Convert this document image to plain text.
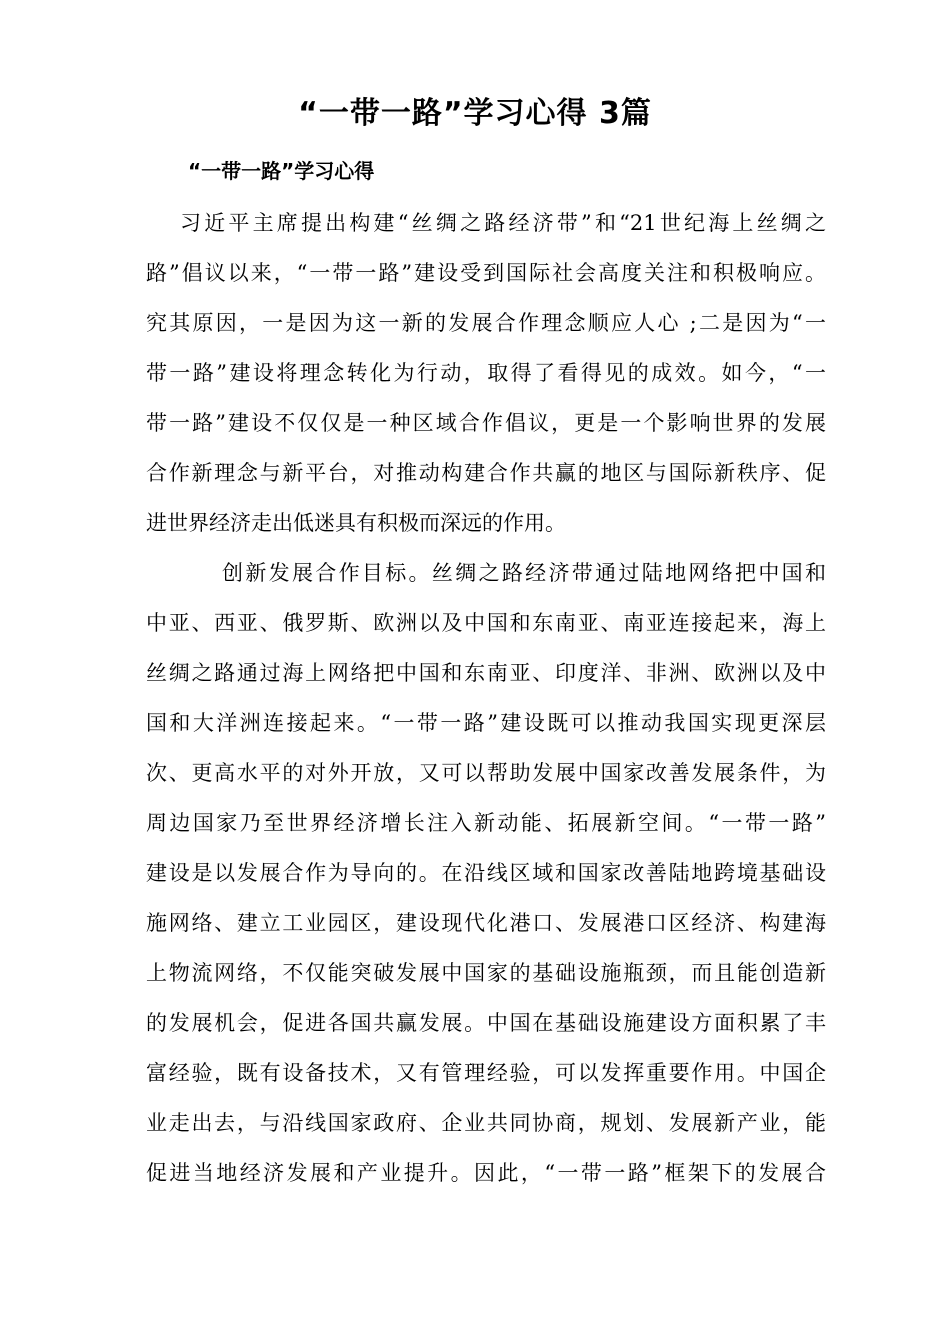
“一带一路”学习心得 3篇
“一带一路”学习心得
习近平主席提出构建“丝绸之路经济带”和“21世纪海上丝绸之
路”倡议以来，“一带一路”建设受到国际社会高度关注和积极响应。
究其原因，一是因为这一新的发展合作理念顺应人心 ;二是因为“一
带一路”建设将理念转化为行动，取得了看得见的成效。如今，“一
带一路”建设不仅仅是一种区域合作倡议，更是一个影响世界的发展
合作新理念与新平台，对推动构建合作共赢的地区与国际新秩序、促
进世界经济走出低迷具有积极而深远的作用。
创新发展合作目标。丝绸之路经济带通过陆地网络把中国和
中亚、西亚、俄罗斯、欧洲以及中国和东南亚、南亚连接起来，海上
丝绸之路通过海上网络把中国和东南亚、印度洋、非洲、欧洲以及中
国和大洋洲连接起来。“一带一路”建设既可以推动我国实现更深层
次、更高水平的对外开放，又可以帮助发展中国家改善发展条件，为
周边国家乃至世界经济增长注入新动能、拓展新空间。“一带一路”
建设是以发展合作为导向的。在沿线区域和国家改善陆地跨境基础设
施网络、建立工业园区，建设现代化港口、发展港口区经济、构建海
上物流网络，不仅能突破发展中国家的基础设施瓶颈，而且能创造新
的发展机会，促进各国共赢发展。中国在基础设施建设方面积累了丰
富经验，既有设备技术，又有管理经验，可以发挥重要作用。中国企
业走出去，与沿线国家政府、企业共同协商，规划、发展新产业，能
促进当地经济发展和产业提升。因此，“一带一路”框架下的发展合
